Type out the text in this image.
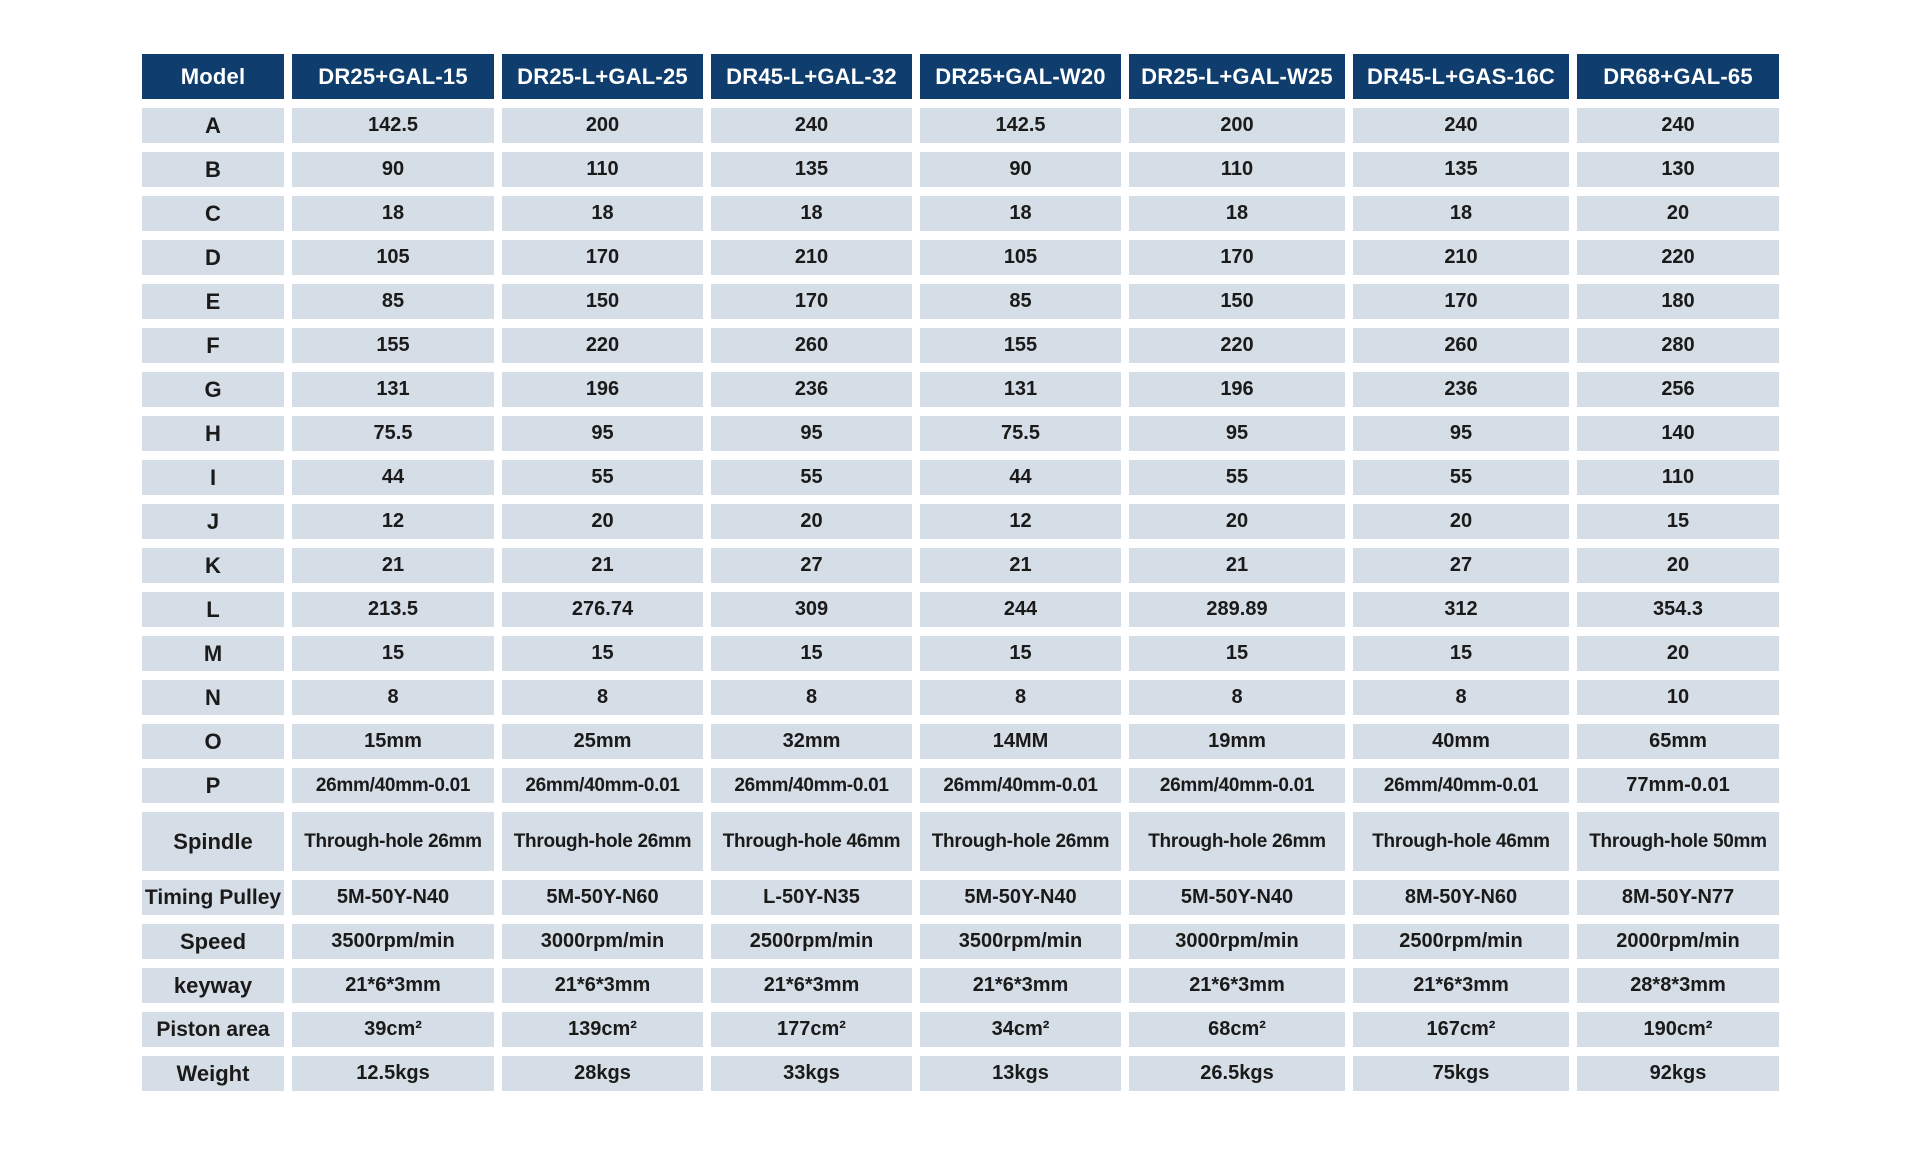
Model	DR25+GAL-15	DR25-L+GAL-25	DR45-L+GAL-32	DR25+GAL-W20	DR25-L+GAL-W25	DR45-L+GAS-16C	DR68+GAL-65
A	142.5	200	240	142.5	200	240	240
B	90	110	135	90	110	135	130
C	18	18	18	18	18	18	20
D	105	170	210	105	170	210	220
E	85	150	170	85	150	170	180
F	155	220	260	155	220	260	280
G	131	196	236	131	196	236	256
H	75.5	95	95	75.5	95	95	140
I	44	55	55	44	55	55	110
J	12	20	20	12	20	20	15
K	21	21	27	21	21	27	20
L	213.5	276.74	309	244	289.89	312	354.3
M	15	15	15	15	15	15	20
N	8	8	8	8	8	8	10
O	15mm	25mm	32mm	14MM	19mm	40mm	65mm
P	26mm/40mm-0.01	26mm/40mm-0.01	26mm/40mm-0.01	26mm/40mm-0.01	26mm/40mm-0.01	26mm/40mm-0.01	77mm-0.01
Spindle	Through-hole 26mm	Through-hole 26mm	Through-hole 46mm	Through-hole 26mm	Through-hole 26mm	Through-hole 46mm	Through-hole 50mm
Timing Pulley	5M-50Y-N40	5M-50Y-N60	L-50Y-N35	5M-50Y-N40	5M-50Y-N40	8M-50Y-N60	8M-50Y-N77
Speed	3500rpm/min	3000rpm/min	2500rpm/min	3500rpm/min	3000rpm/min	2500rpm/min	2000rpm/min
keyway	21*6*3mm	21*6*3mm	21*6*3mm	21*6*3mm	21*6*3mm	21*6*3mm	28*8*3mm
Piston area	39cm²	139cm²	177cm²	34cm²	68cm²	167cm²	190cm²
Weight	12.5kgs	28kgs	33kgs	13kgs	26.5kgs	75kgs	92kgs
